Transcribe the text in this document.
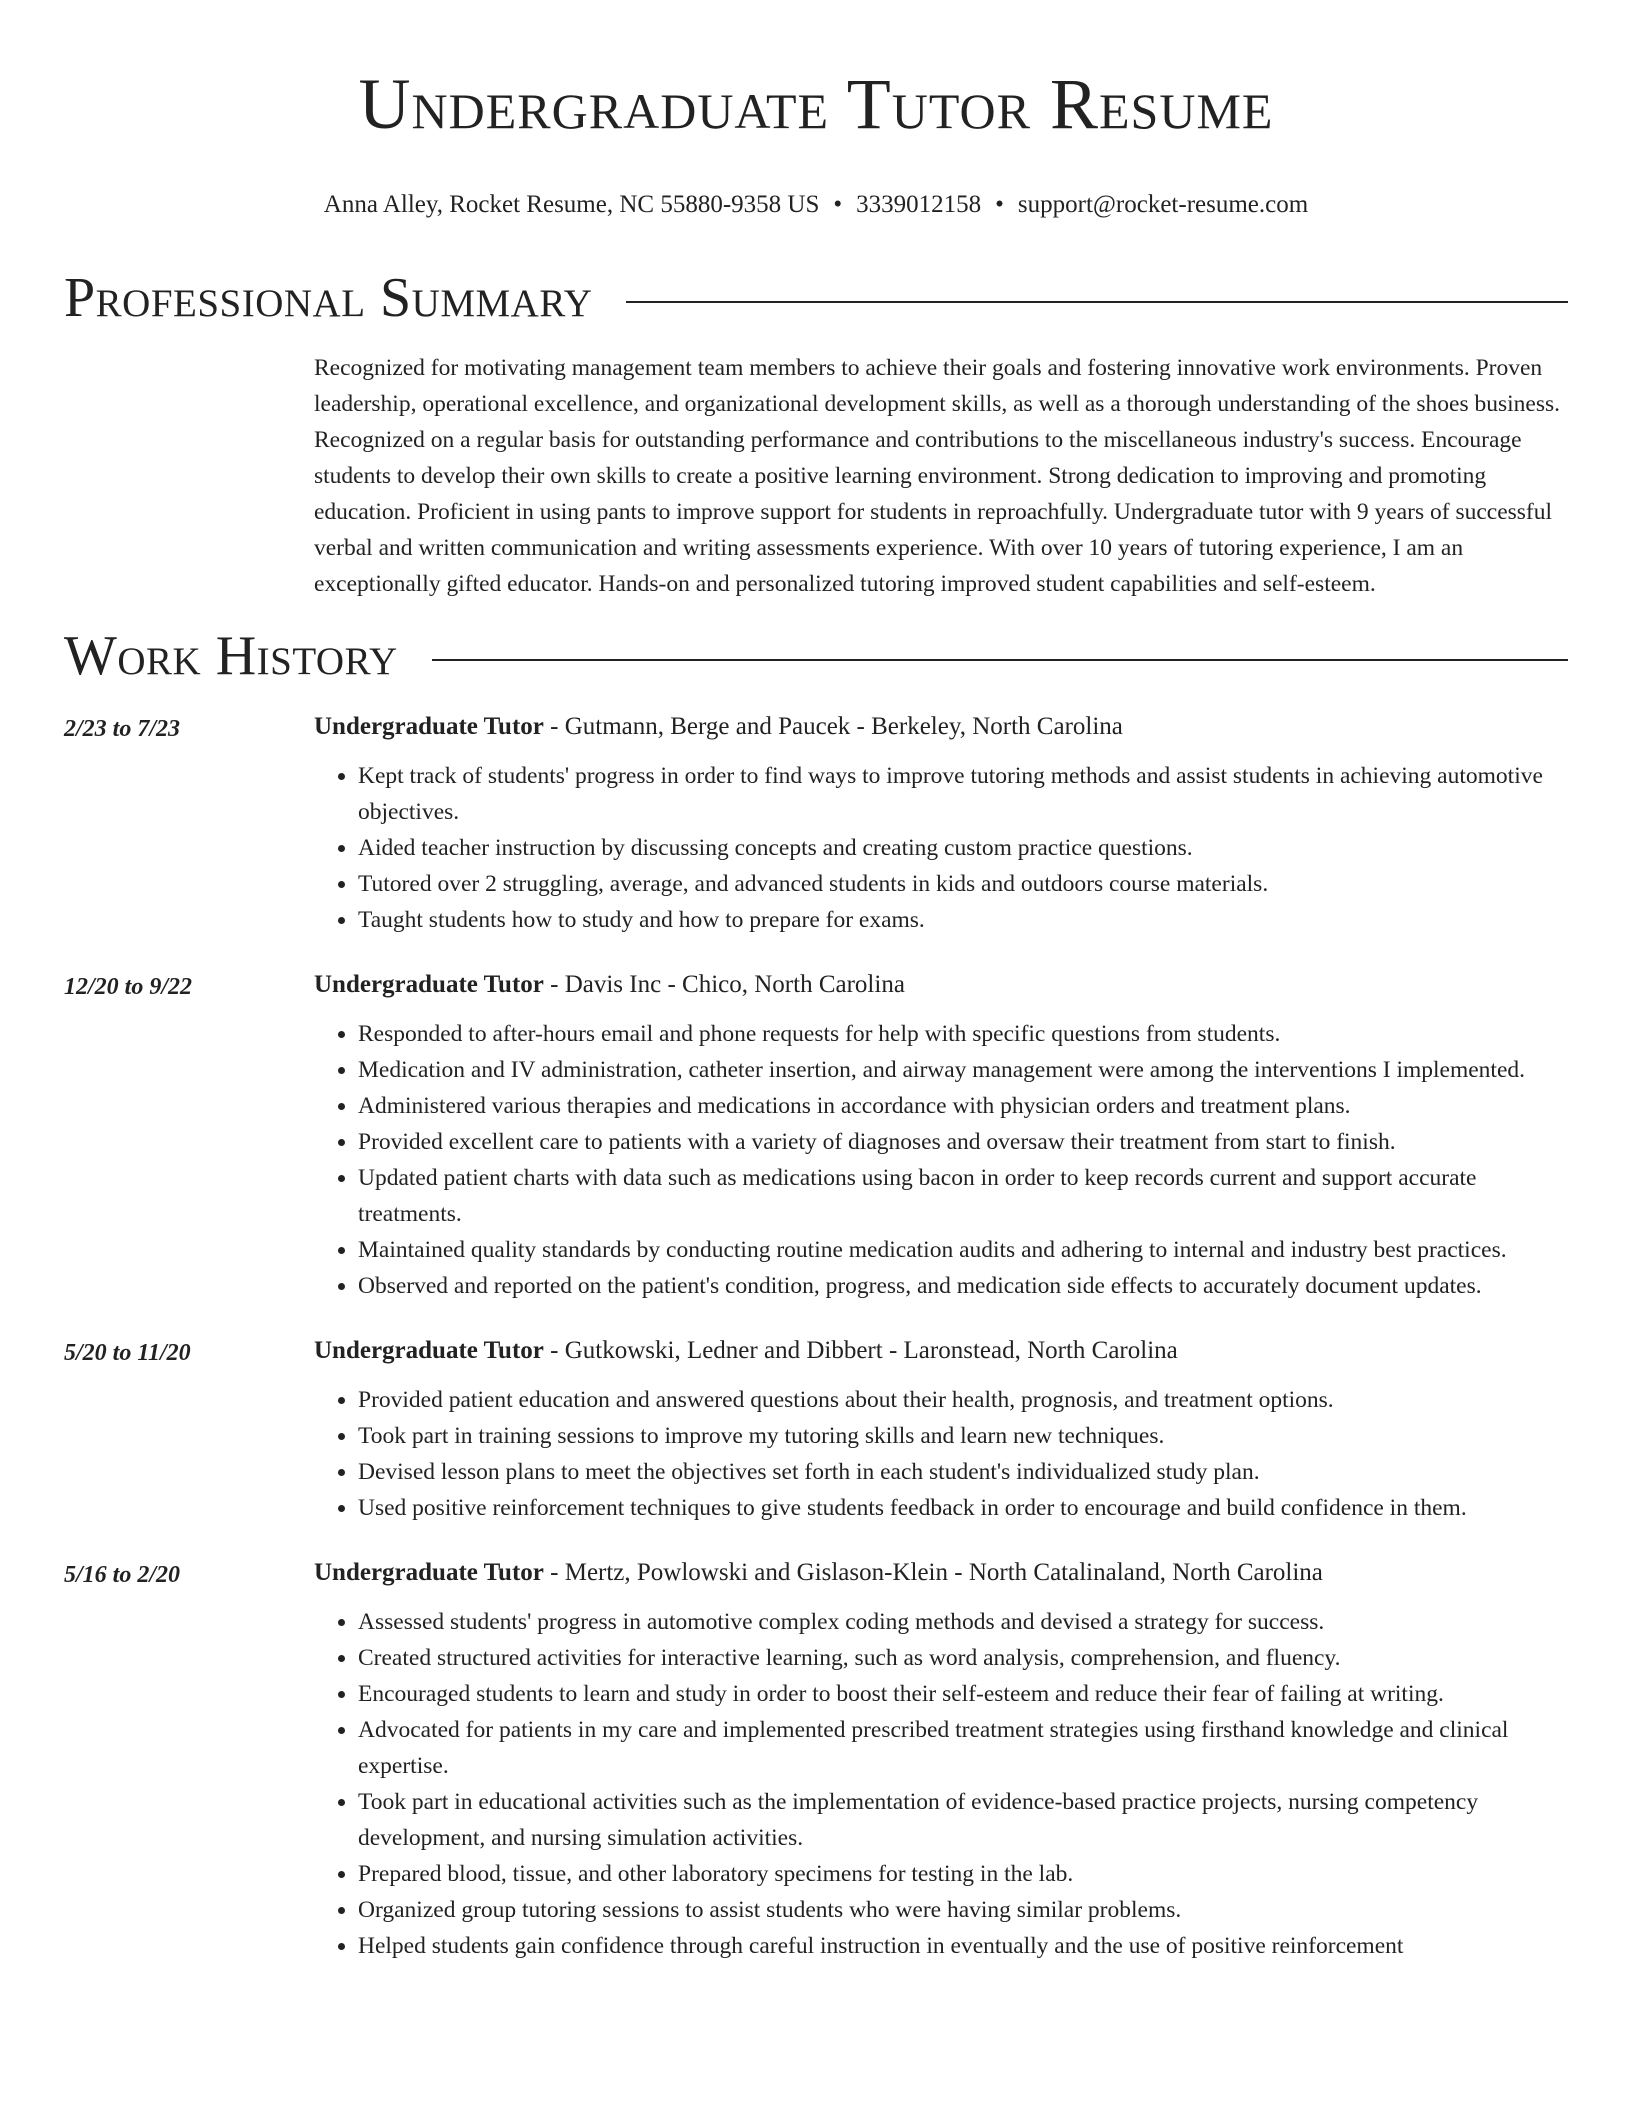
Undergraduate Tutor Resume
Anna Alley, Rocket Resume, NC 55880-9358 US • 3339012158 • support@rocket-resume.com
Professional Summary
Recognized for motivating management team members to achieve their goals and fostering innovative work environments. Proven leadership, operational excellence, and organizational development skills, as well as a thorough understanding of the shoes business. Recognized on a regular basis for outstanding performance and contributions to the miscellaneous industry's success. Encourage students to develop their own skills to create a positive learning environment. Strong dedication to improving and promoting education. Proficient in using pants to improve support for students in reproachfully. Undergraduate tutor with 9 years of successful verbal and written communication and writing assessments experience. With over 10 years of tutoring experience, I am an exceptionally gifted educator. Hands-on and personalized tutoring improved student capabilities and self-esteem.
Work History
2/23 to 7/23	Undergraduate Tutor - Gutmann, Berge and Paucek - Berkeley, North Carolina
• Kept track of students' progress in order to find ways to improve tutoring methods and assist students in achieving automotive objectives.
• Aided teacher instruction by discussing concepts and creating custom practice questions.
• Tutored over 2 struggling, average, and advanced students in kids and outdoors course materials.
• Taught students how to study and how to prepare for exams.
12/20 to 9/22	Undergraduate Tutor - Davis Inc - Chico, North Carolina
• Responded to after-hours email and phone requests for help with specific questions from students.
• Medication and IV administration, catheter insertion, and airway management were among the interventions I implemented.
• Administered various therapies and medications in accordance with physician orders and treatment plans.
• Provided excellent care to patients with a variety of diagnoses and oversaw their treatment from start to finish.
• Updated patient charts with data such as medications using bacon in order to keep records current and support accurate treatments.
• Maintained quality standards by conducting routine medication audits and adhering to internal and industry best practices.
• Observed and reported on the patient's condition, progress, and medication side effects to accurately document updates.
5/20 to 11/20	Undergraduate Tutor - Gutkowski, Ledner and Dibbert - Laronstead, North Carolina
• Provided patient education and answered questions about their health, prognosis, and treatment options.
• Took part in training sessions to improve my tutoring skills and learn new techniques.
• Devised lesson plans to meet the objectives set forth in each student's individualized study plan.
• Used positive reinforcement techniques to give students feedback in order to encourage and build confidence in them.
5/16 to 2/20	Undergraduate Tutor - Mertz, Powlowski and Gislason-Klein - North Catalinaland, North Carolina
• Assessed students' progress in automotive complex coding methods and devised a strategy for success.
• Created structured activities for interactive learning, such as word analysis, comprehension, and fluency.
• Encouraged students to learn and study in order to boost their self-esteem and reduce their fear of failing at writing.
• Advocated for patients in my care and implemented prescribed treatment strategies using firsthand knowledge and clinical expertise.
• Took part in educational activities such as the implementation of evidence-based practice projects, nursing competency development, and nursing simulation activities.
• Prepared blood, tissue, and other laboratory specimens for testing in the lab.
• Organized group tutoring sessions to assist students who were having similar problems.
• Helped students gain confidence through careful instruction in eventually and the use of positive reinforcement
